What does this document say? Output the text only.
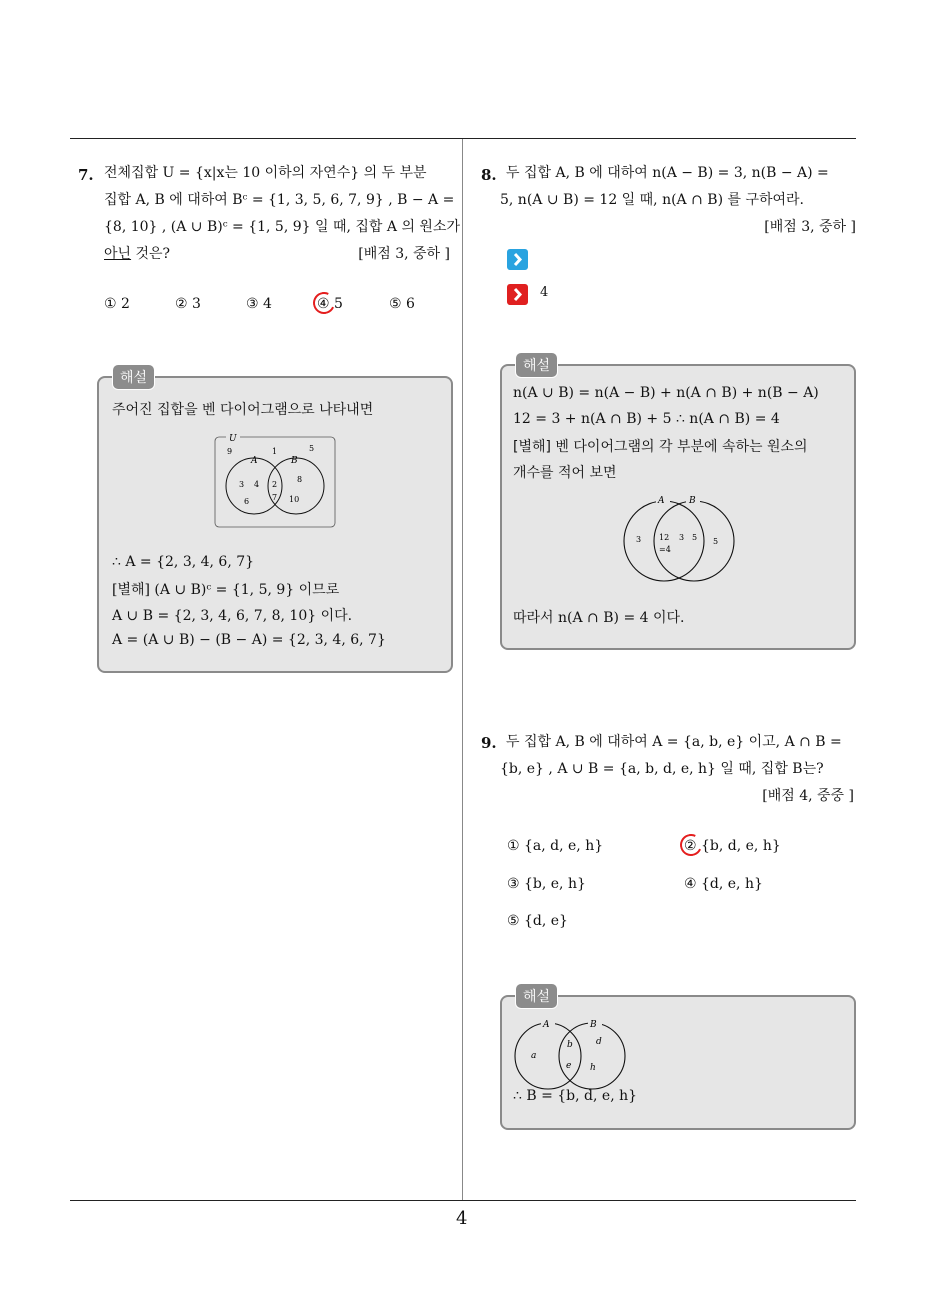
4
7. 전체집합 U = {x|x는 10 이하의 자연수} 의 두 부분
집합 A, B 에 대하여 Bᶜ = {1, 3, 5, 6, 7, 9} , B − A =
{8, 10} , (A ∪ B)ᶜ = {1, 5, 9} 일 때, 집합 A 의 원소가
아닌 것은?	[배점 3, 중하 ]
① 2	② 3	③ 4	④ 5	⑤ 6
해설
주어진 집합을 벤 다이어그램으로 나타내면
U
A	B
9	1	5
3 4
6
2
7
8
10
∴ A = {2, 3, 4, 6, 7}
[별해] (A ∪ B)ᶜ = {1, 5, 9} 이므로
A ∪ B = {2, 3, 4, 6, 7, 8, 10} 이다.
A = (A ∪ B) − (B − A) = {2, 3, 4, 6, 7}
8. 두 집합 A, B 에 대하여 n(A − B) = 3, n(B − A) =
5, n(A ∪ B) = 12 일 때, n(A ∩ B) 를 구하여라.
[배점 3, 중하 ]
4
해설
n(A ∪ B) = n(A − B) + n(A ∩ B) + n(B − A)
12 = 3 + n(A ∩ B) + 5 ∴ n(A ∩ B) = 4
[별해] 벤 다이어그램의 각 부분에 속하는 원소의
개수를 적어 보면
A	B
3 12 3 5
=4
5
따라서 n(A ∩ B) = 4 이다.
9. 두 집합 A, B 에 대하여 A = {a, b, e} 이고, A ∩ B =
{b, e} , A ∪ B = {a, b, d, e, h} 일 때, 집합 B는?
[배점 4, 중중 ]
① {a, d, e, h}	② {b, d, e, h}
③ {b, e, h}	④ {d, e, h}
⑤ {d, e}
해설
A	B
a
b
e
d
h
∴ B = {b, d, e, h}
